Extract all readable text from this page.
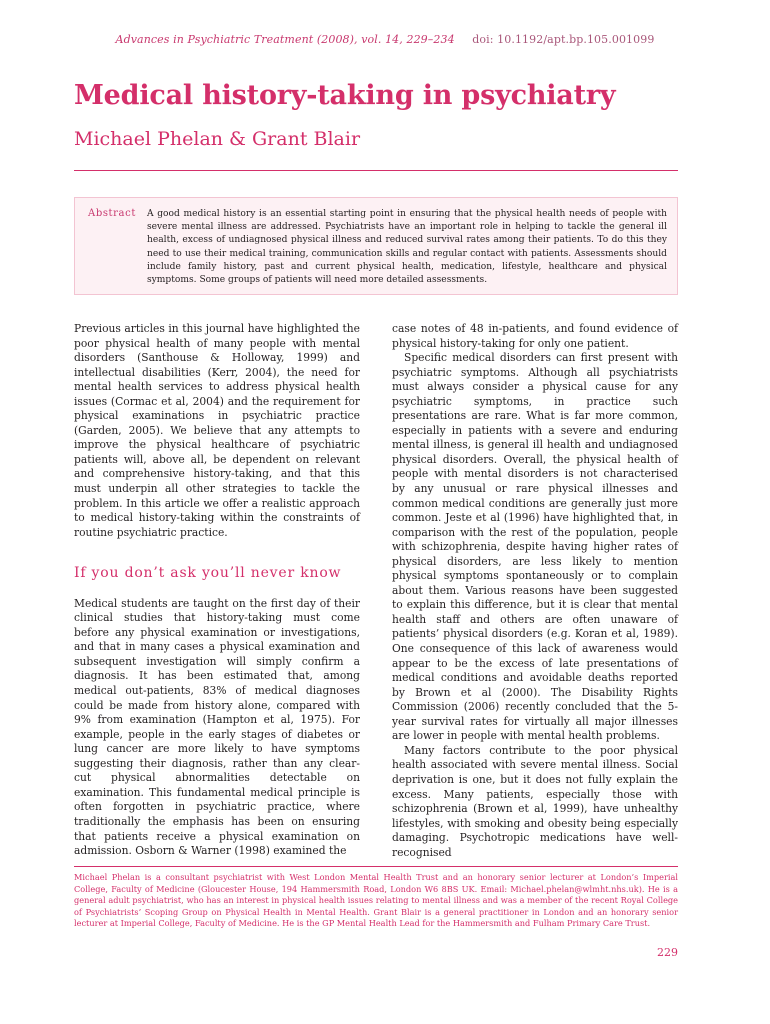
Advances in Psychiatric Treatment (2008), vol. 14, 229–234 doi: 10.1192/apt.bp.105.001099
Medical history-taking in psychiatry
Michael Phelan & Grant Blair
Abstract A good medical history is an essential starting point in ensuring that the physical health needs of people with severe mental illness are addressed. Psychiatrists have an important role in helping to tackle the general ill health, excess of undiagnosed physical illness and reduced survival rates among their patients. To do this they need to use their medical training, communication skills and regular contact with patients. Assessments should include family history, past and current physical health, medication, lifestyle, healthcare and physical symptoms. Some groups of patients will need more detailed assessments.

Previous articles in this journal have highlighted the poor physical health of many people with mental disorders (Santhouse & Holloway, 1999) and intellectual disabilities (Kerr, 2004), the need for mental health services to address physical health issues (Cormac et al, 2004) and the requirement for physical examinations in psychiatric practice (Garden, 2005). We believe that any attempts to improve the physical healthcare of psychiatric patients will, above all, be dependent on relevant and comprehensive history-taking, and that this must underpin all other strategies to tackle the problem. In this article we offer a realistic approach to medical history-taking within the constraints of routine psychiatric practice.

If you don’t ask you’ll never know

Medical students are taught on the first day of their clinical studies that history-taking must come before any physical examination or investigations, and that in many cases a physical examination and subsequent investigation will simply confirm a diagnosis. It has been estimated that, among medical out-patients, 83% of medical diagnoses could be made from history alone, compared with 9% from examination (Hampton et al, 1975). For example, people in the early stages of diabetes or lung cancer are more likely to have symptoms suggesting their diagnosis, rather than any clear-cut physical abnormalities detectable on examination. This fundamental medical principle is often forgotten in psychiatric practice, where traditionally the emphasis has been on ensuring that patients receive a physical examination on admission. Osborn & Warner (1998) examined the

case notes of 48 in-patients, and found evidence of physical history-taking for only one patient.

Specific medical disorders can first present with psychiatric symptoms. Although all psychiatrists must always consider a physical cause for any psychiatric symptoms, in practice such presentations are rare. What is far more common, especially in patients with a severe and enduring mental illness, is general ill health and undiagnosed physical disorders. Overall, the physical health of people with mental disorders is not characterised by any unusual or rare physical illnesses and common medical conditions are generally just more common. Jeste et al (1996) have highlighted that, in comparison with the rest of the population, people with schizophrenia, despite having higher rates of physical disorders, are less likely to mention physical symptoms spontaneously or to complain about them. Various reasons have been suggested to explain this difference, but it is clear that mental health staff and others are often unaware of patients’ physical disorders (e.g. Koran et al, 1989). One consequence of this lack of awareness would appear to be the excess of late presentations of medical conditions and avoidable deaths reported by Brown et al (2000). The Disability Rights Commission (2006) recently concluded that the 5-year survival rates for virtually all major illnesses are lower in people with mental health problems.

Many factors contribute to the poor physical health associated with severe mental illness. Social deprivation is one, but it does not fully explain the excess. Many patients, especially those with schizophrenia (Brown et al, 1999), have unhealthy lifestyles, with smoking and obesity being especially damaging. Psychotropic medications have well-recognised

Michael Phelan is a consultant psychiatrist with West London Mental Health Trust and an honorary senior lecturer at London’s Imperial College, Faculty of Medicine (Gloucester House, 194 Hammersmith Road, London W6 8BS UK. Email: Michael.phelan@wlmht.nhs.uk). He is a general adult psychiatrist, who has an interest in physical health issues relating to mental illness and was a member of the recent Royal College of Psychiatrists’ Scoping Group on Physical Health in Mental Health. Grant Blair is a general practitioner in London and an honorary senior lecturer at Imperial College, Faculty of Medicine. He is the GP Mental Health Lead for the Hammersmith and Fulham Primary Care Trust.

229
